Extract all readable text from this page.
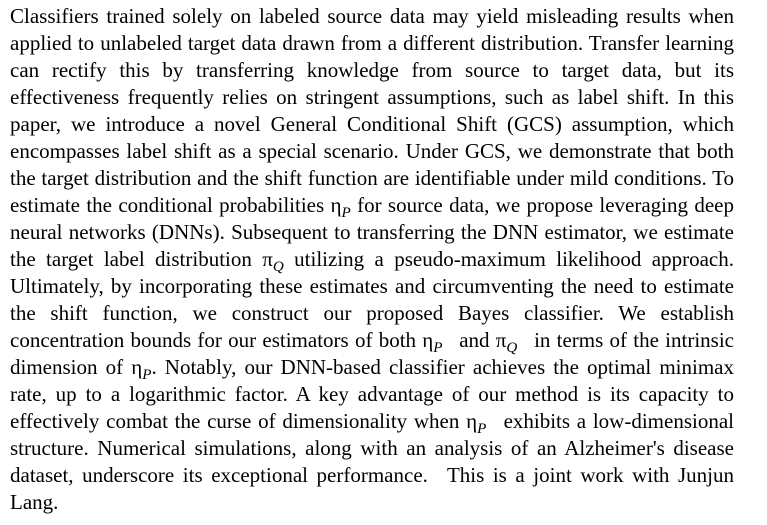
Classifiers trained solely on labeled source data may yield misleading results when applied to unlabeled target data drawn from a different distribution. Transfer learning can rectify this by transferring knowledge from source to target data, but its effectiveness frequently relies on stringent assumptions, such as label shift. In this paper, we introduce a novel General Conditional Shift (GCS) assumption, which encompasses label shift as a special scenario. Under GCS, we demonstrate that both the target distribution and the shift function are identifiable under mild conditions. To estimate the conditional probabilities $\eta_P$ for source data, we propose leveraging deep neural networks (DNNs). Subsequent to transferring the DNN estimator, we estimate the target label distribution $\pi_Q$ utilizing a pseudo-maximum likelihood approach. Ultimately, by incorporating these estimates and circumventing the need to estimate the shift function, we construct our proposed Bayes classifier. We establish concentration bounds for our estimators of both $\eta_P$  and $\pi_Q$  in terms of the intrinsic dimension of $\eta_P$. Notably, our DNN-based classifier achieves the optimal minimax rate, up to a logarithmic factor. A key advantage of our method is its capacity to effectively combat the curse of dimensionality when $\eta_P$  exhibits a low-dimensional structure. Numerical simulations, along with an analysis of an Alzheimer's disease dataset, underscore its exceptional performance.  This is a joint work with Junjun Lang.
